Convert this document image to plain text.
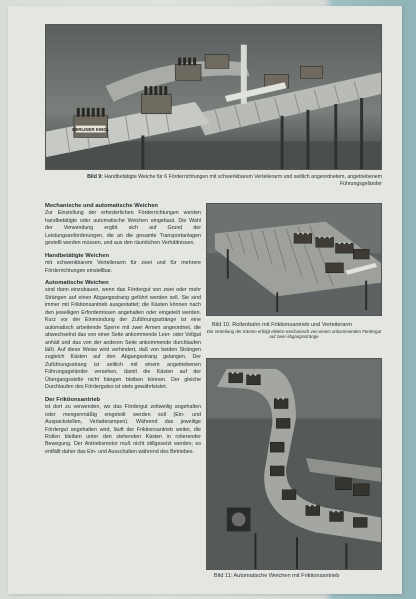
BERLINER KINDL
Bild 9: Handbetätigte Weiche für 6 Förderrichtungen mit schwenkbarem Verteilerarm und seitlich angeordnetem, angetriebenem Führungsgeländer
Mechanische und automatische Weichen

Zur Einstellung der erforderlichen Förderrichtungen werden handbetätigte oder automatische Weichen eingebaut. Die Wahl der Verwendung ergibt sich auf Grund der Leistungsanforderungen, die an die gesamte Transportanlagen gestellt werden müssen, und aus den räumlichen Verhältnissen.

Handbetätigte Weichen

mit schwenkbarem Verteilerarm für zwei und für mehrere Förderrichtungen einstellbar.

Automatische Weichen

sind dann einzubauen, wenn das Fördergut von zwei oder mehr Strängen auf einen Abgangsstrang geführt werden soll. Sie sind immer mit Friktionsantrieb ausgestattet; die Kästen können nach den jeweiligen Erfordernissen angehalten oder eingeteilt werden. Kurz vor der Einmündung der Zuführungsstränge ist eine automatisch arbeitende Sperre mit zwei Armen angeordnet, die abwechselnd das von einer Seite ankommende Leer- oder Vollgut anhält und das von der anderen Seite ankommende durchlaufen läßt. Auf diese Weise wird verhindert, daß von beiden Strängen zugleich Kästen auf den Abgangsstrang gelangen. Der Zuführungsstrang ist seitlich mit einem angetriebenen Führungsgeländer versehen, damit die Kästen auf der Übergangsstelle nicht hängen bleiben können. Der gleiche Durchlaufen des Fördergutes ist stets gewährleistet.

Der Friktionsantrieb

ist dort zu verwenden, wo das Fördergut zeitweilig angehalten oder mengenmäßig eingeteilt werden soll (Ein- und Auspackstellen, Verladerampen). Während das jeweilige Fördergut angehalten wird, läuft der Friktionsantrieb weiter, die Rollen bleiben unter den stehenden Kästen in rotierender Bewegung. Der Antriebsmotor muß nicht stillgesetzt werden; es entfällt daher das Ein- und Ausschalten während des Betriebes.

Bild 10. Rollenbahn mit Friktionsantrieb und Verteilerarm
Die Verteilung der Kästen erfolgt elektro-mechanisch von einem ankommenden Fördergut auf zwei Abgangsstränge
Bild 11: Automatische Weichen mit Friktionsantrieb
